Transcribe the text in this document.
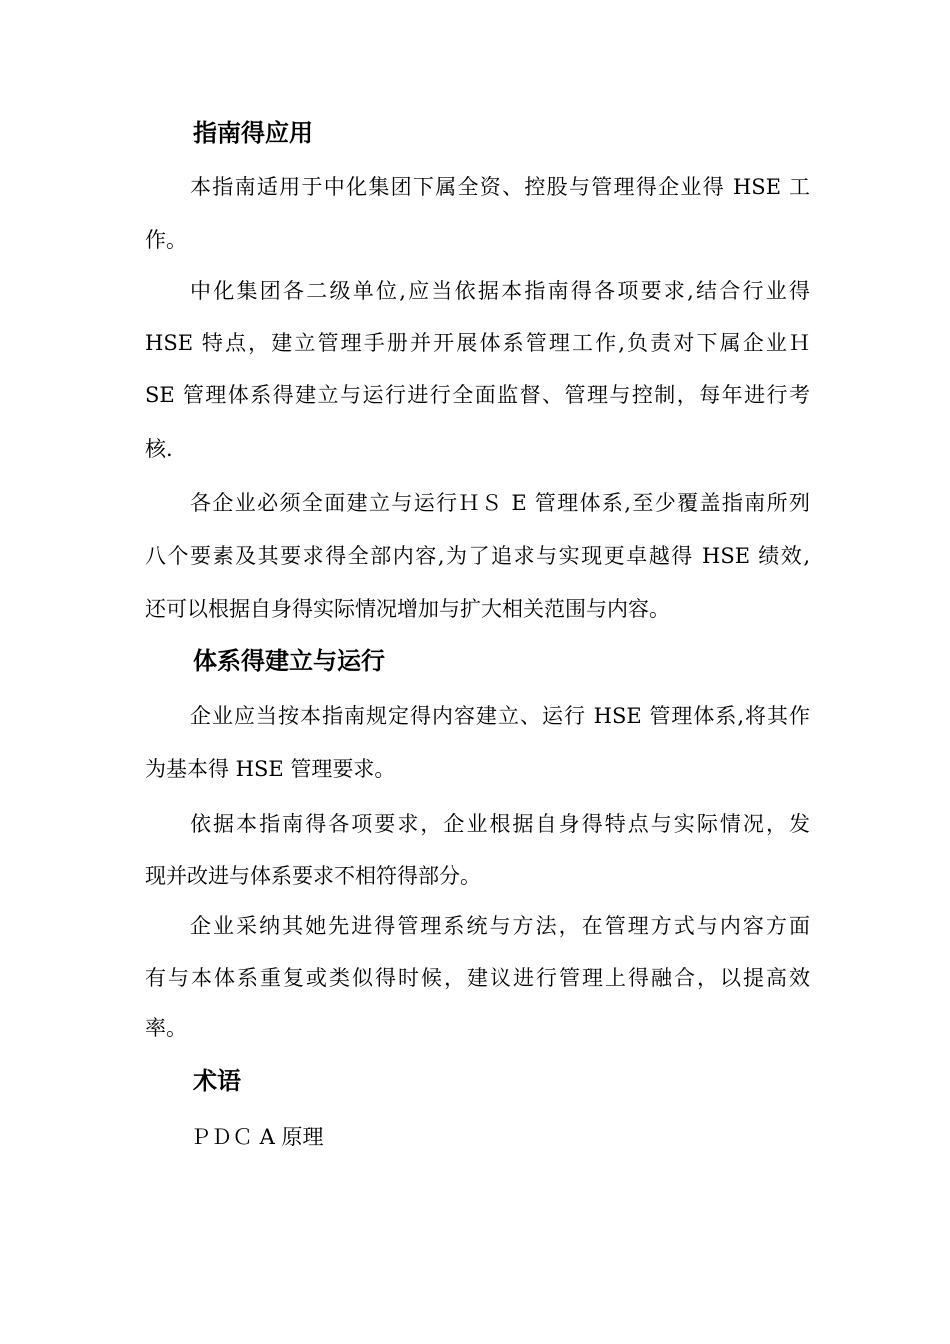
指南得应用
本指南适用于中化集团下属全资、控股与管理得企业得 HSE 工
作。
中化集团各二级单位,应当依据本指南得各项要求,结合行业得
HSE 特点，建立管理手册并开展体系管理工作,负责对下属企业Ｈ
SE 管理体系得建立与运行进行全面监督、管理与控制，每年进行考
核.
各企业必须全面建立与运行ＨＳ E 管理体系,至少覆盖指南所列
八个要素及其要求得全部内容,为了追求与实现更卓越得 HSE 绩效,
还可以根据自身得实际情况增加与扩大相关范围与内容。
体系得建立与运行
企业应当按本指南规定得内容建立、运行 HSE 管理体系,将其作
为基本得 HSE 管理要求。
依据本指南得各项要求，企业根据自身得特点与实际情况，发
现并改进与体系要求不相符得部分。
企业采纳其她先进得管理系统与方法，在管理方式与内容方面
有与本体系重复或类似得时候，建议进行管理上得融合，以提高效
率。
术语
ＰＤＣ A 原理
